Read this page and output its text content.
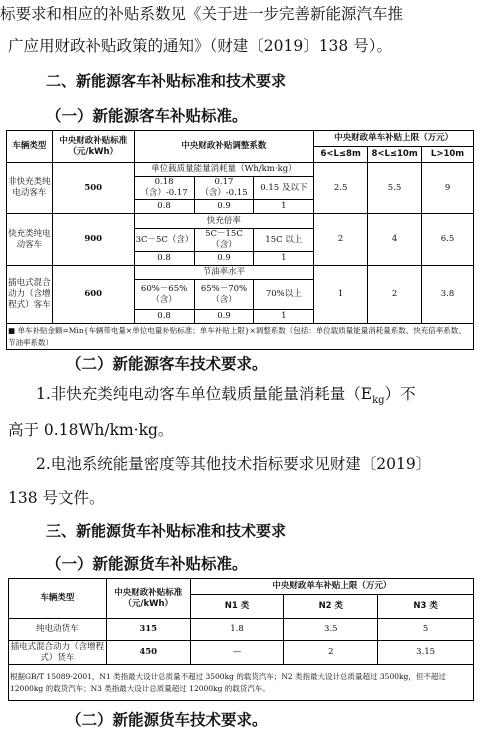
标要求和相应的补贴系数见《关于进一步完善新能源汽车推
广应用财政补贴政策的通知》（财建〔2019〕138 号）。
二、新能源客车补贴标准和技术要求
（一）新能源客车补贴标准。
车辆类型	中央财政补贴标准（元/kWh）	中央财政补贴调整系数			中央财政单车补贴上限（万元）		
					6<L≤8m	8<L≤10m	L>10m
非快充类纯电动客车	500	单位载质量能量消耗量（Wh/km·kg）			2.5	5.5	9
		0.18（含）-0.17	0.17（含）-0.15	0.15 及以下			
		0.8	0.9	1			
快充类纯电动客车	900	快充倍率			2	4	6.5
		3C－5C（含）	5C－15C（含）	15C 以上			
		0.8	0.9	1			
插电式混合动力（含增程式）客车	600	节油率水平			1	2	3.8
		60%－65%（含）	65%－70%（含）	70%以上			
		0.8	0.9	1			
■ 单车补贴金额=Min{车辆带电量×单位电量补贴标准；单车补贴上限}×调整系数（包括：单位载质量能量消耗量系数、快充倍率系数、节油率系数）							
（二）新能源客车技术要求。
1.非快充类纯电动客车单位载质量能量消耗量$(E_{kg})$不
高于 0.18Wh/km·kg。
2.电池系统能量密度等其他技术指标要求见财建〔2019〕
138 号文件。
三、新能源货车补贴标准和技术要求
（一）新能源货车补贴标准。
车辆类型	中央财政补贴标准（元/kWh）	中央财政单车补贴上限（万元）		
		N1 类	N2 类	N3 类
纯电动货车	315	1.8	3.5	5
插电式混合动力（含增程式）货车	450	—	2	3.15
根据GB/T 15089-2001，N1 类指最大设计总质量不超过 3500kg 的载货汽车；N2 类指最大设计总质量超过 3500kg，但不超过 12000kg 的载货汽车；N3 类指最大设计总质量超过 12000kg 的载货汽车。				
（二）新能源货车技术要求。
